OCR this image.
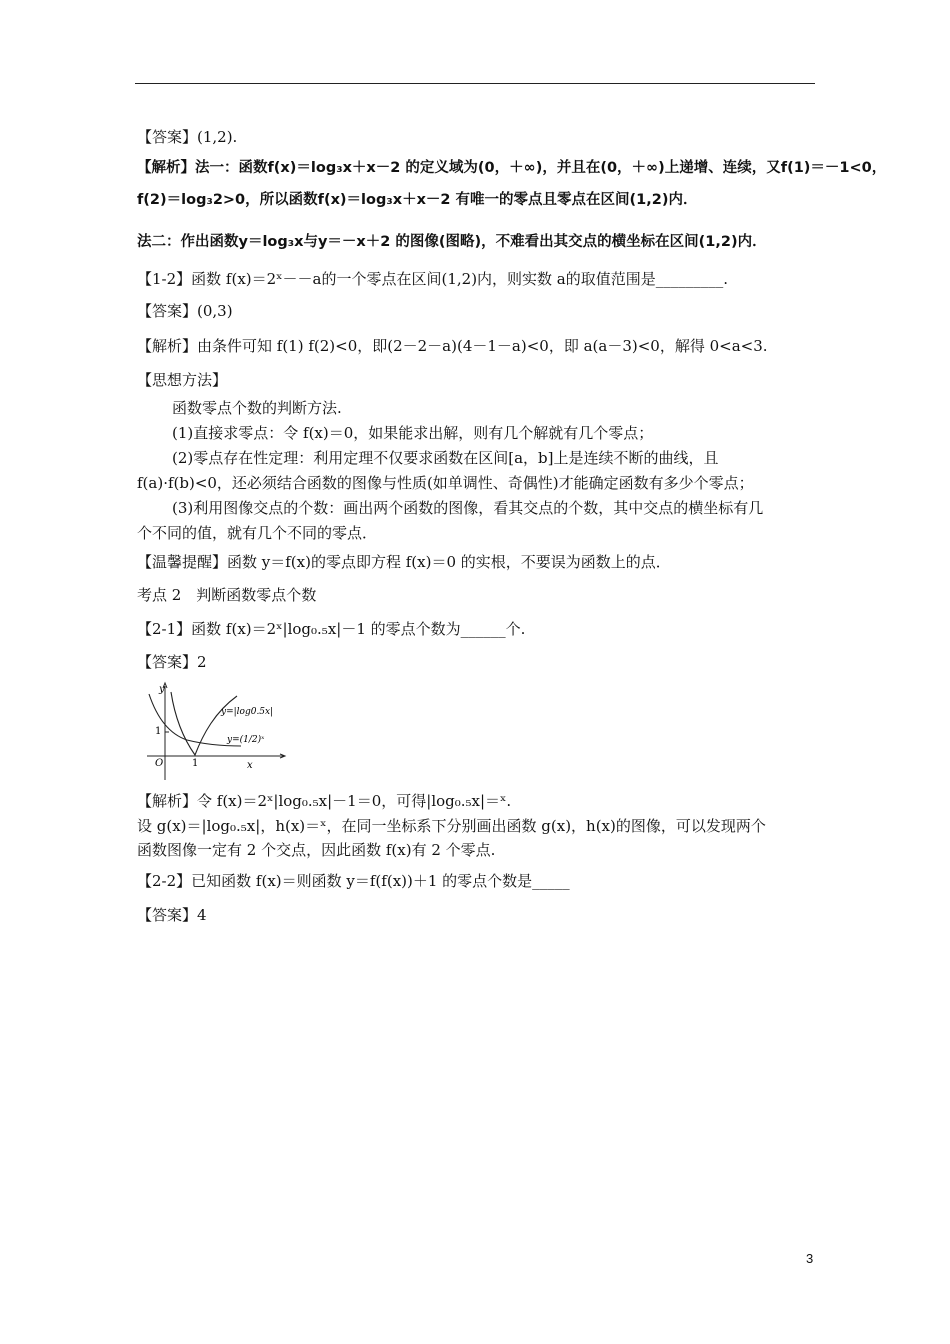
【答案】(1,2).
【解析】法一：函数f(x)＝log₃x＋x－2 的定义域为(0，＋∞)，并且在(0，＋∞)上递增、连续，又f(1)＝－1<0，
f(2)＝log₃2>0，所以函数f(x)＝log₃x＋x－2 有唯一的零点且零点在区间(1,2)内．
法二：作出函数y＝log₃x与y＝－x＋2 的图像(图略)，不难看出其交点的横坐标在区间(1,2)内．
【1-2】函数 f(x)＝2ˣ－－a的一个零点在区间(1,2)内，则实数 a的取值范围是_________.
【答案】(0,3)
【解析】由条件可知 f(1) f(2)<0，即(2－2－a)(4－1－a)<0，即 a(a－3)<0，解得 0<a<3.
【思想方法】
函数零点个数的判断方法.
(1)直接求零点：令 f(x)＝0，如果能求出解，则有几个解就有几个零点；
(2)零点存在性定理：利用定理不仅要求函数在区间[a，b]上是连续不断的曲线，且
f(a)·f(b)<0，还必须结合函数的图像与性质(如单调性、奇偶性)才能确定函数有多少个零点；
(3)利用图像交点的个数：画出两个函数的图像，看其交点的个数，其中交点的横坐标有几
个不同的值，就有几个不同的零点．
【温馨提醒】函数 y＝f(x)的零点即方程 f(x)＝0 的实根，不要误为函数上的点．
考点 2　判断函数零点个数
【2-1】函数 f(x)＝2ˣ|log₀.₅x|－1 的零点个数为______个.
【答案】2
y
x
O	1
1
y=|log0.5x|
y=(1/2)ˣ
【解析】令 f(x)＝2ˣ|log₀.₅x|－1＝0，可得|log₀.₅x|＝ˣ.
设 g(x)＝|log₀.₅x|，h(x)＝ˣ，在同一坐标系下分别画出函数 g(x)，h(x)的图像，可以发现两个
函数图像一定有 2 个交点，因此函数 f(x)有 2 个零点.
【2-2】已知函数 f(x)＝则函数 y＝f(f(x))＋1 的零点个数是_____
【答案】4
3
